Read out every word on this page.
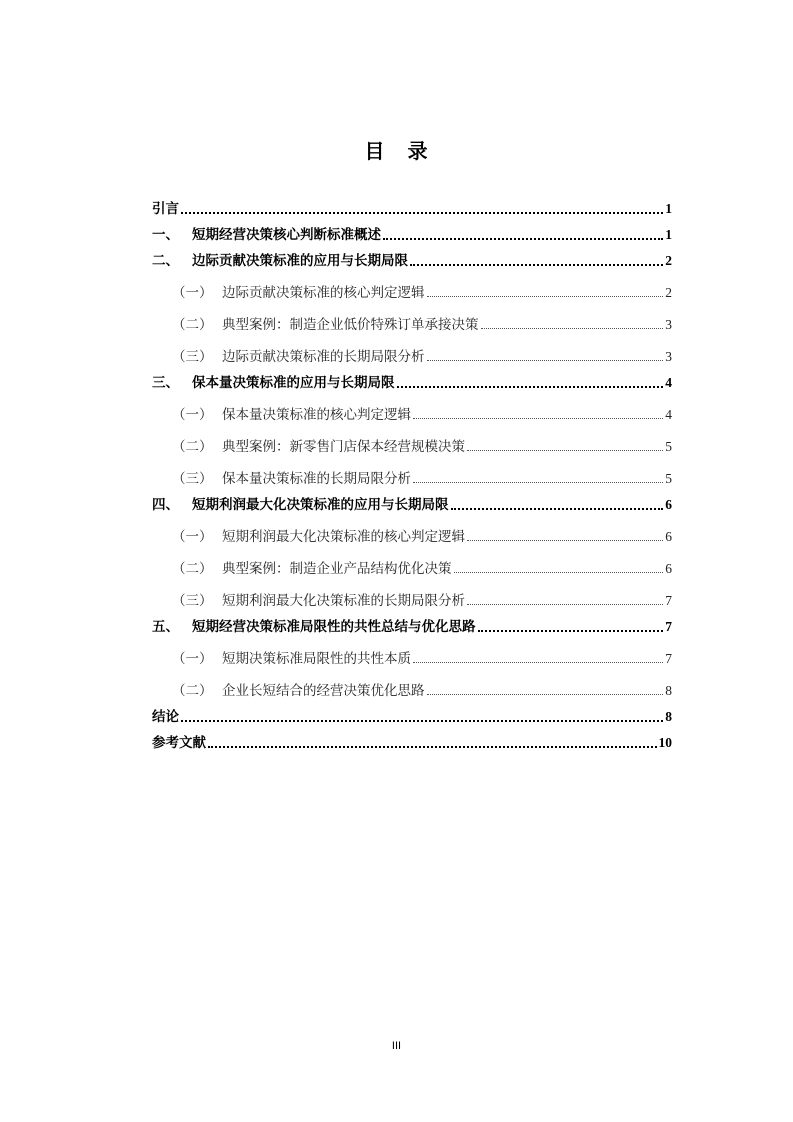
目 录
引言	1
一、 短期经营决策核心判断标准概述	1
二、 边际贡献决策标准的应用与长期局限	2
（一） 边际贡献决策标准的核心判定逻辑	2
（二） 典型案例：制造企业低价特殊订单承接决策	3
（三） 边际贡献决策标准的长期局限分析	3
三、 保本量决策标准的应用与长期局限	4
（一） 保本量决策标准的核心判定逻辑	4
（二） 典型案例：新零售门店保本经营规模决策	5
（三） 保本量决策标准的长期局限分析	5
四、 短期利润最大化决策标准的应用与长期局限	6
（一） 短期利润最大化决策标准的核心判定逻辑	6
（二） 典型案例：制造企业产品结构优化决策	6
（三） 短期利润最大化决策标准的长期局限分析	7
五、 短期经营决策标准局限性的共性总结与优化思路	7
（一） 短期决策标准局限性的共性本质	7
（二） 企业长短结合的经营决策优化思路	8
结论	8
参考文献	10
III
